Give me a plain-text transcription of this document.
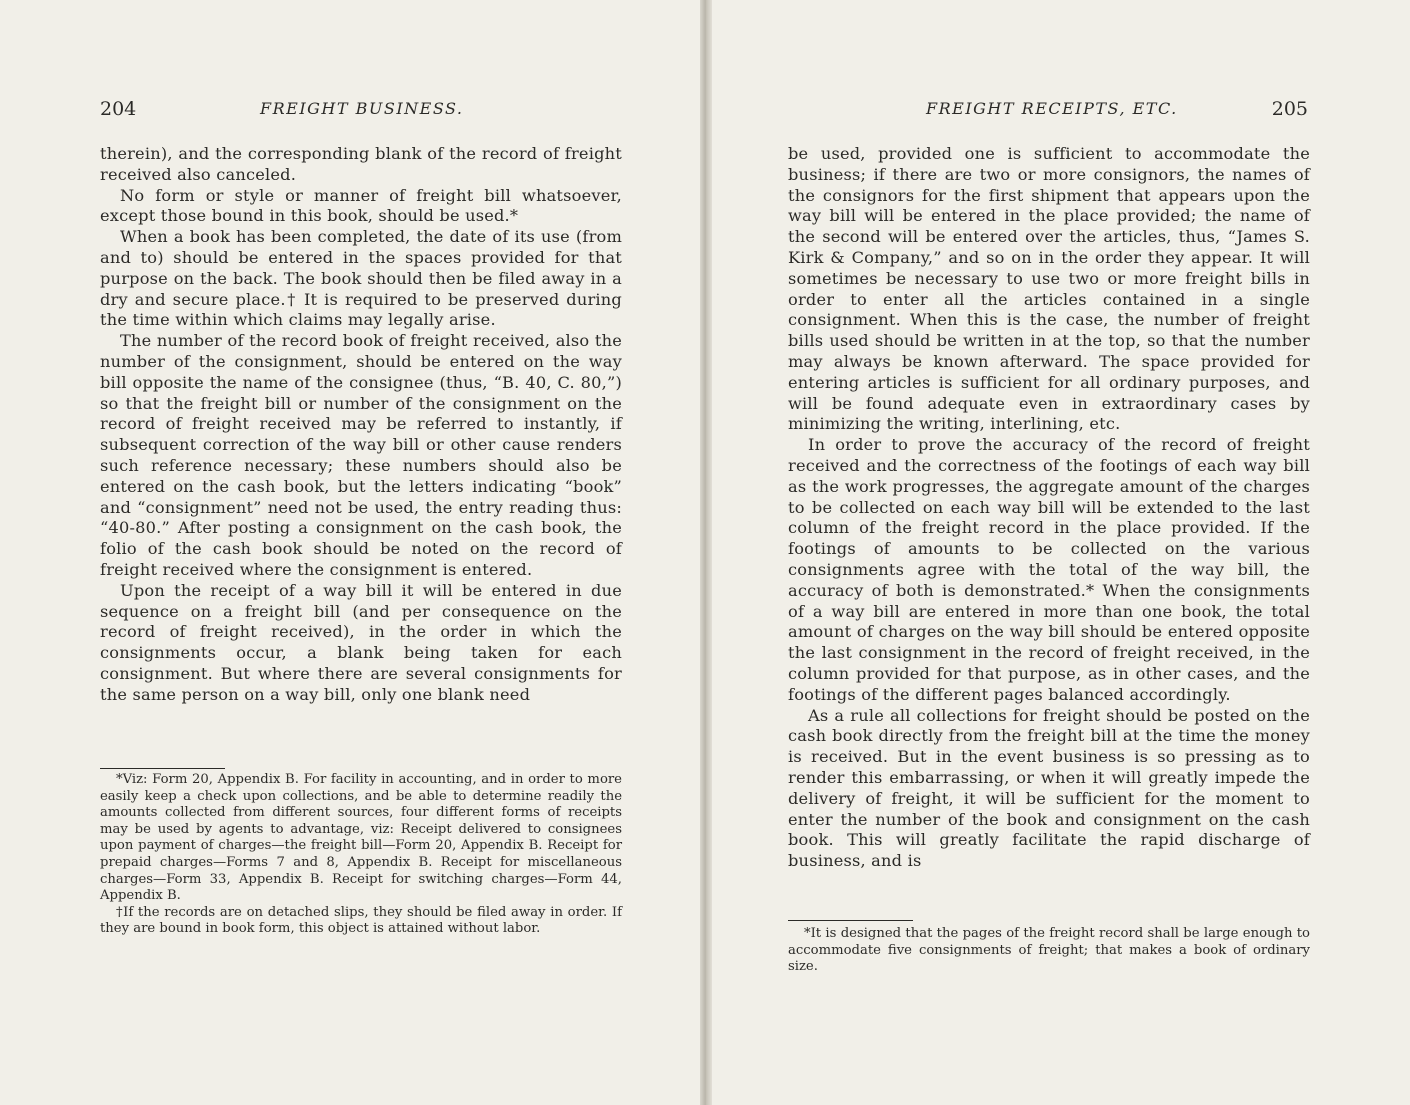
204	FREIGHT BUSINESS.

therein), and the corresponding blank of the record of freight received also canceled.

No form or style or manner of freight bill whatsoever, except those bound in this book, should be used.*

When a book has been completed, the date of its use (from and to) should be entered in the spaces provided for that purpose on the back. The book should then be filed away in a dry and secure place.† It is required to be preserved during the time within which claims may legally arise.

The number of the record book of freight received, also the number of the consignment, should be entered on the way bill opposite the name of the consignee (thus, “B. 40, C. 80,”) so that the freight bill or number of the consignment on the record of freight received may be referred to instantly, if subsequent correction of the way bill or other cause renders such reference necessary; these numbers should also be entered on the cash book, but the letters indicating “book” and “consignment” need not be used, the entry reading thus: “40-80.” After posting a consignment on the cash book, the folio of the cash book should be noted on the record of freight received where the consignment is entered.

Upon the receipt of a way bill it will be entered in due sequence on a freight bill (and per consequence on the record of freight received), in the order in which the consignments occur, a blank being taken for each consignment. But where there are several consignments for the same person on a way bill, only one blank need

*Viz: Form 20, Appendix B. For facility in accounting, and in order to more easily keep a check upon collections, and be able to determine readily the amounts collected from different sources, four different forms of receipts may be used by agents to advantage, viz: Receipt delivered to consignees upon payment of charges—the freight bill—Form 20, Appendix B. Receipt for prepaid charges—Forms 7 and 8, Appendix B. Receipt for miscellaneous charges—Form 33, Appendix B. Receipt for switching charges—Form 44, Appendix B.

†If the records are on detached slips, they should be filed away in order. If they are bound in book form, this object is attained without labor.

FREIGHT RECEIPTS, ETC.	205

be used, provided one is sufficient to accommodate the business; if there are two or more consignors, the names of the consignors for the first shipment that appears upon the way bill will be entered in the place provided; the name of the second will be entered over the articles, thus, “James S. Kirk & Company,” and so on in the order they appear. It will sometimes be necessary to use two or more freight bills in order to enter all the articles contained in a single consignment. When this is the case, the number of freight bills used should be written in at the top, so that the number may always be known afterward. The space provided for entering articles is sufficient for all ordinary purposes, and will be found adequate even in extraordinary cases by minimizing the writing, interlining, etc.

In order to prove the accuracy of the record of freight received and the correctness of the footings of each way bill as the work progresses, the aggregate amount of the charges to be collected on each way bill will be extended to the last column of the freight record in the place provided. If the footings of amounts to be collected on the various consignments agree with the total of the way bill, the accuracy of both is demonstrated.* When the consignments of a way bill are entered in more than one book, the total amount of charges on the way bill should be entered opposite the last consignment in the record of freight received, in the column provided for that purpose, as in other cases, and the footings of the different pages balanced accordingly.

As a rule all collections for freight should be posted on the cash book directly from the freight bill at the time the money is received. But in the event business is so pressing as to render this embarrassing, or when it will greatly impede the delivery of freight, it will be sufficient for the moment to enter the number of the book and consignment on the cash book. This will greatly facilitate the rapid discharge of business, and is

*It is designed that the pages of the freight record shall be large enough to accommodate five consignments of freight; that makes a book of ordinary size.
